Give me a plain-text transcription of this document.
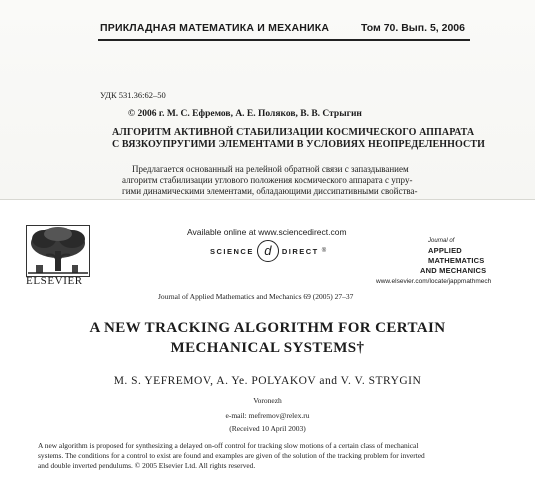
ПРИКЛАДНАЯ МАТЕМАТИКА И МЕХАНИКА	Том 70. Вып. 5, 2006
УДК 531.36:62–50
© 2006 г. М. С. Ефремов, А. Е. Поляков, В. В. Стрыгин
АЛГОРИТМ АКТИВНОЙ СТАБИЛИЗАЦИИ КОСМИЧЕСКОГО АППАРАТА
С ВЯЗКОУПРУГИМИ ЭЛЕМЕНТАМИ В УСЛОВИЯХ НЕОПРЕДЕЛЕННОСТИ
Предлагается основанный на релейной обратной связи с запаздыванием
алгоритм стабилизации углового положения космического аппарата с упру-
гими динамическими элементами, обладающими диссипативными свойства-
ELSEVIER
Available online at www.sciencedirect.com
SCIENCE d	DIRECT ®
Journal of
APPLIED
MATHEMATICS
AND MECHANICS
www.elsevier.com/locate/jappmathmech
Journal of Applied Mathematics and Mechanics 69 (2005) 27–37
A NEW TRACKING ALGORITHM FOR CERTAIN
MECHANICAL SYSTEMS†
M. S. YEFREMOV, A. Ye. POLYAKOV and V. V. STRYGIN
Voronezh
e-mail: mefremov@relex.ru
(Received 10 April 2003)
A new algorithm is proposed for synthesizing a delayed on-off control for tracking slow motions of a certain class of mechanical
systems. The conditions for a control to exist are found and examples are given of the solution of the tracking problem for inverted
and double inverted pendulums. © 2005 Elsevier Ltd. All rights reserved.
